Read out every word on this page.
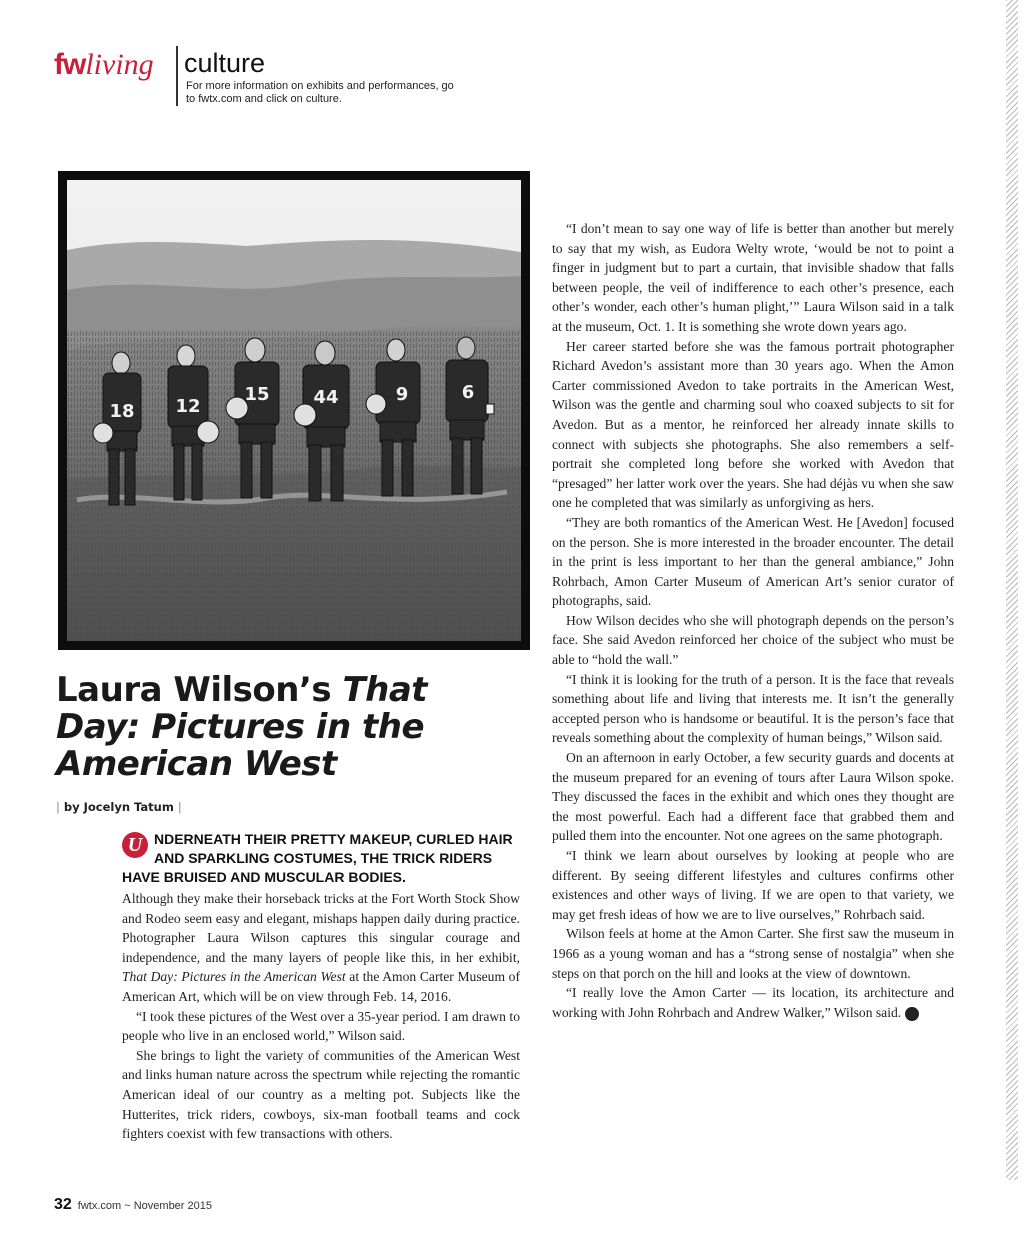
fwliving culture
For more information on exhibits and performances, go to fwtx.com and click on culture.
18 12
15 44	9	6
Laura Wilson’s That Day: Pictures in the American West
| by Jocelyn Tatum |
U NDERNEATH THEIR PRETTY MAKEUP, CURLED HAIR AND SPARKLING COSTUMES, THE TRICK RIDERS HAVE BRUISED AND MUSCULAR BODIES.

Although they make their horseback tricks at the Fort Worth Stock Show and Rodeo seem easy and elegant, mishaps happen daily during practice. Photographer Laura Wilson captures this singular courage and independence, and the many layers of people like this, in her exhibit, That Day: Pictures in the American West at the Amon Carter Museum of American Art, which will be on view through Feb. 14, 2016.

“I took these pictures of the West over a 35-year period. I am drawn to people who live in an enclosed world,” Wilson said.

She brings to light the variety of communities of the American West and links human nature across the spectrum while rejecting the romantic American ideal of our country as a melting pot. Subjects like the Hutterites, trick riders, cowboys, six-man football teams and cock fighters coexist with few transactions with others.

“I don’t mean to say one way of life is better than another but merely to say that my wish, as Eudora Welty wrote, ‘would be not to point a finger in judgment but to part a curtain, that invisible shadow that falls between people, the veil of indifference to each other’s presence, each other’s wonder, each other’s human plight,’” Laura Wilson said in a talk at the museum, Oct. 1. It is something she wrote down years ago.

Her career started before she was the famous portrait photographer Richard Avedon’s assistant more than 30 years ago. When the Amon Carter commissioned Avedon to take portraits in the American West, Wilson was the gentle and charming soul who coaxed subjects to sit for Avedon. But as a mentor, he reinforced her already innate skills to connect with subjects she photographs. She also remembers a self-portrait she completed long before she worked with Avedon that “presaged” her latter work over the years. She had déjàs vu when she saw one he completed that was similarly as unforgiving as hers.

“They are both romantics of the American West. He [Avedon] focused on the person. She is more interested in the broader encounter. The detail in the print is less important to her than the general ambiance,” John Rohrbach, Amon Carter Museum of American Art’s senior curator of photographs, said.

How Wilson decides who she will photograph depends on the person’s face. She said Avedon reinforced her choice of the subject who must be able to “hold the wall.”

“I think it is looking for the truth of a person. It is the face that reveals something about life and living that interests me. It isn’t the generally accepted person who is handsome or beautiful. It is the person’s face that reveals something about the complexity of human beings,” Wilson said.

On an afternoon in early October, a few security guards and docents at the museum prepared for an evening of tours after Laura Wilson spoke. They discussed the faces in the exhibit and which ones they thought are the most powerful. Each had a different face that grabbed them and pulled them into the encounter. Not one agrees on the same photograph.

“I think we learn about ourselves by looking at people who are different. By seeing different lifestyles and cultures confirms other existences and other ways of living. If we are open to that variety, we may get fresh ideas of how we are to live ourselves,” Rohrbach said.

Wilson feels at home at the Amon Carter. She first saw the museum in 1966 as a young woman and has a “strong sense of nostalgia” when she steps on that porch on the hill and looks at the view of downtown.

“I really love the Amon Carter — its location, its architecture and working with John Rohrbach and Andrew Walker,” Wilson said. fw

32 fwtx.com ~ November 2015
